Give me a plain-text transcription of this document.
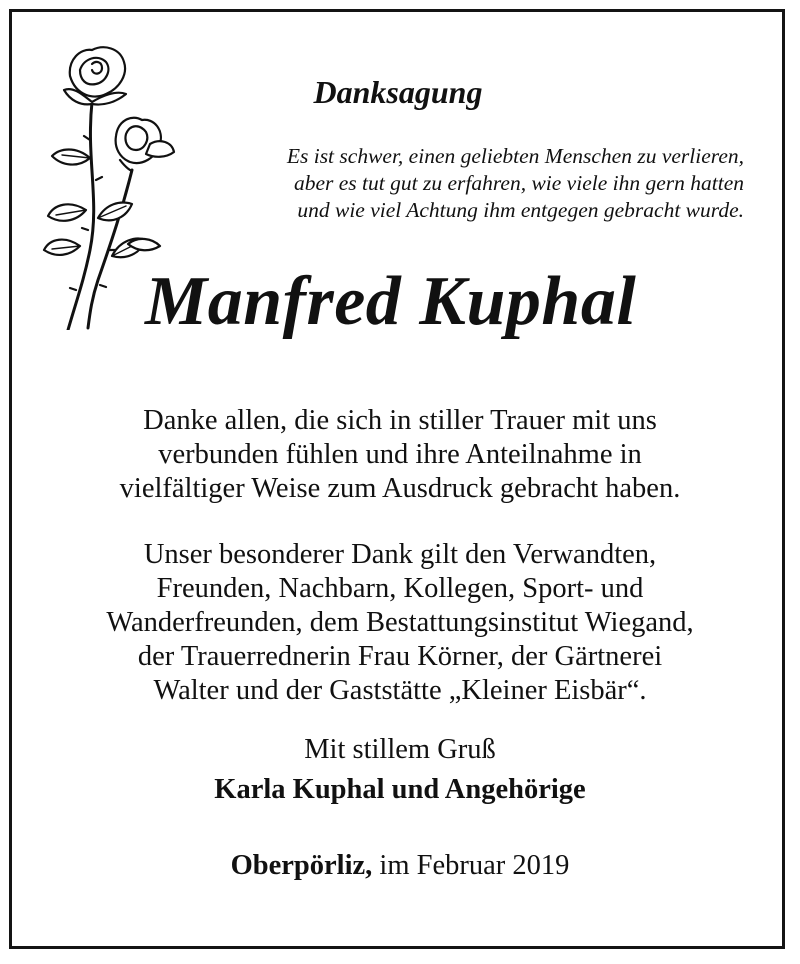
Danksagung
Es ist schwer, einen geliebten Menschen zu verlieren,
aber es tut gut zu erfahren, wie viele ihn gern hatten
und wie viel Achtung ihm entgegen gebracht wurde.
Manfred Kuphal
Danke allen, die sich in stiller Trauer mit uns
verbunden fühlen und ihre Anteilnahme in
vielfältiger Weise zum Ausdruck gebracht haben.
Unser besonderer Dank gilt den Verwandten,
Freunden, Nachbarn, Kollegen, Sport- und
Wanderfreunden, dem Bestattungsinstitut Wiegand,
der Trauerrednerin Frau Körner, der Gärtnerei
Walter und der Gaststätte „Kleiner Eisbär“.
Mit stillem Gruß
Karla Kuphal und Angehörige
Oberpörliz, im Februar 2019
